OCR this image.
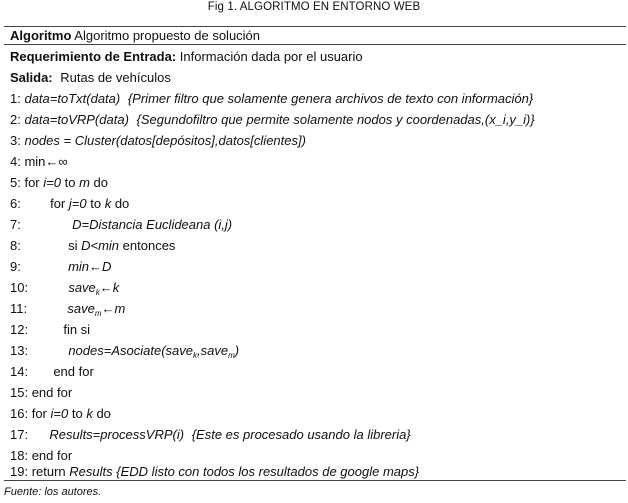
Fig 1. ALGORITMO EN ENTORNO WEB
Algoritmo Algoritmo propuesto de solución
Requerimiento de Entrada: Información dada por el usuario
Salida: Rutas de vehículos
1: data=toTxt(data) {Primer filtro que solamente genera archivos de texto con información}
2: data=toVRP(data) {Segundofiltro que permite solamente nodos y coordenadas,(x_i,y_i)}
3: nodes = Cluster(datos[depósitos],datos[clientes])
4: min←∞
5: for i=0 to m do
6: for j=0 to k do
7:	D=Distancia Euclideana (i,j)
8:	si D<min entonces
9:	min←D
10:	save$_k$←k
11:	save$_m$←m
12:	fin si
13:	nodes=Asociate(save$_k$,save$_m$)
14: end for
15: end for
16: for i=0 to k do
17: Results=processVRP(i) {Este es procesado usando la libreria}
18: end for
19: return Results {EDD listo con todos los resultados de google maps}
Fuente: los autores.
